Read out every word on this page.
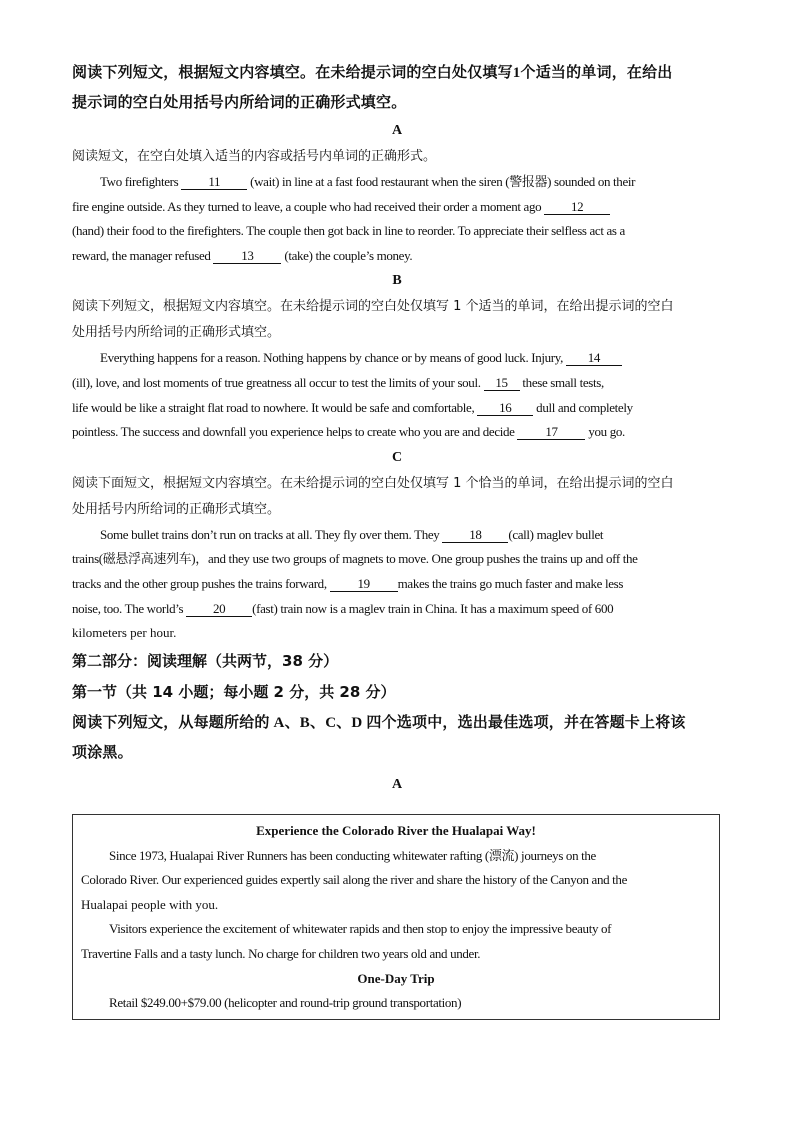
阅读下列短文，根据短文内容填空。在未给提示词的空白处仅填写1个适当的单词，在给出
提示词的空白处用括号内所给词的正确形式填空。
A
阅读短文，在空白处填入适当的内容或括号内单词的正确形式。
Two firefighters 11 (wait) in line at a fast food restaurant when the siren (警报器) sounded on their
fire engine outside. As they turned to leave, a couple who had received their order a moment ago 12
(hand) their food to the firefighters. The couple then got back in line to reorder. To appreciate their selfless act as a
reward, the manager refused 13 (take) the couple’s money.
B
阅读下列短文，根据短文内容填空。在未给提示词的空白处仅填写 1 个适当的单词，在给出提示词的空白
处用括号内所给词的正确形式填空。
Everything happens for a reason. Nothing happens by chance or by means of good luck. Injury, 14
(ill), love, and lost moments of true greatness all occur to test the limits of your soul. 15 these small tests,
life would be like a straight flat road to nowhere. It would be safe and comfortable, 16 dull and completely
pointless. The success and downfall you experience helps to create who you are and decide 17 you go.
C
阅读下面短文，根据短文内容填空。在未给提示词的空白处仅填写 1 个恰当的单词，在给出提示词的空白
处用括号内所给词的正确形式填空。
Some bullet trains don’t run on tracks at all. They fly over them. They 18 (call) maglev bullet
trains(磁悬浮高速列车)，and they use two groups of magnets to move. One group pushes the trains up and off the
tracks and the other group pushes the trains forward, 19 makes the trains go much faster and make less
noise, too. The world’s 20 (fast) train now is a maglev train in China. It has a maximum speed of 600
kilometers per hour.
第二部分：阅读理解（共两节，38 分）
第一节（共 14 小题；每小题 2 分，共 28 分）
阅读下列短文，从每题所给的 A、B、C、D 四个选项中，选出最佳选项，并在答题卡上将该
项涂黑。
A
Experience the Colorado River the Hualapai Way!
Since 1973, Hualapai River Runners has been conducting whitewater rafting (漂流) journeys on the
Colorado River. Our experienced guides expertly sail along the river and share the history of the Canyon and the
Hualapai people with you.
Visitors experience the excitement of whitewater rapids and then stop to enjoy the impressive beauty of
Travertine Falls and a tasty lunch. No charge for children two years old and under.
One-Day Trip
Retail $249.00+$79.00 (helicopter and round-trip ground transportation)
